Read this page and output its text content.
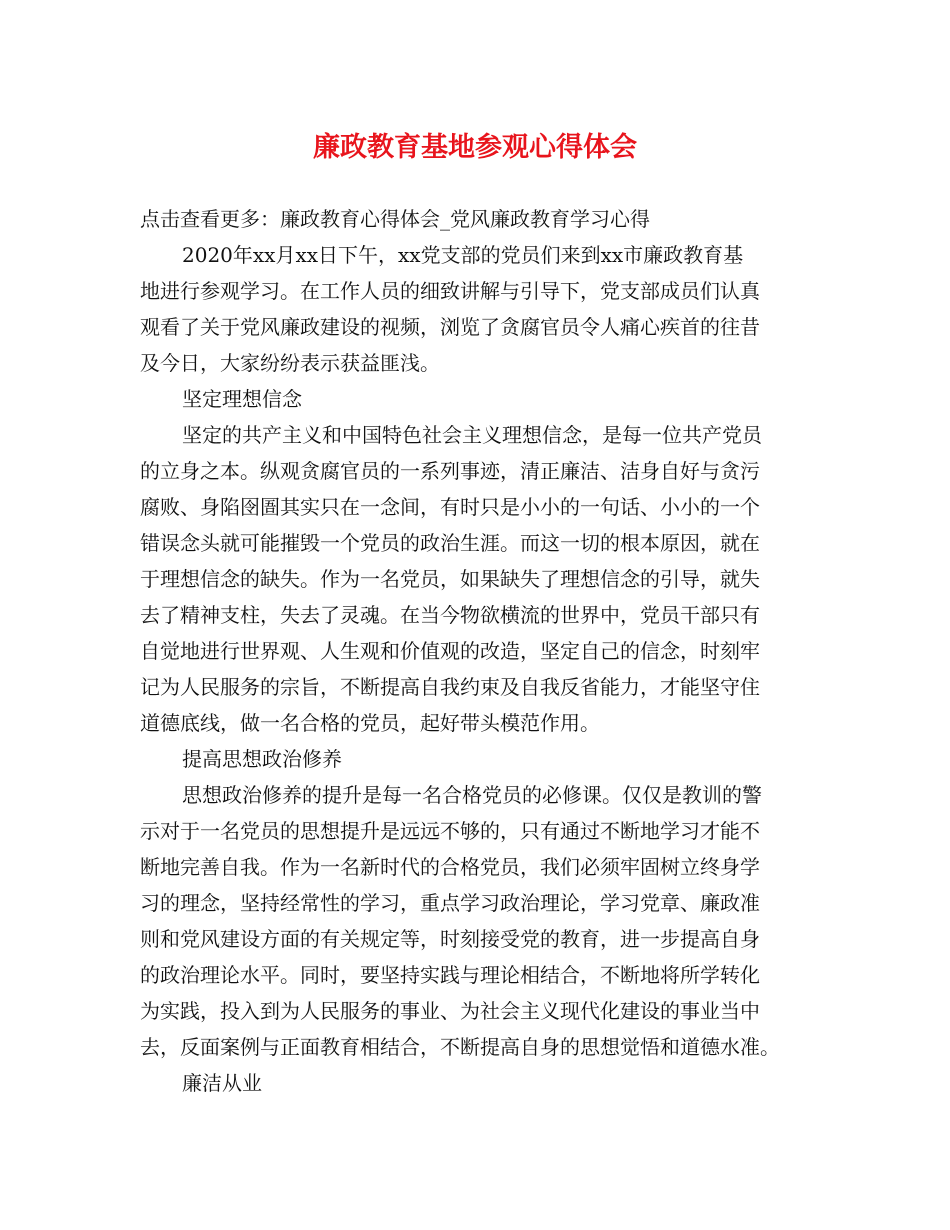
廉政教育基地参观心得体会
点击查看更多：廉政教育心得体会_党风廉政教育学习心得
2020年xx月xx日下午，xx党支部的党员们来到xx市廉政教育基
地进行参观学习。在工作人员的细致讲解与引导下，党支部成员们认真
观看了关于党风廉政建设的视频，浏览了贪腐官员令人痛心疾首的往昔
及今日，大家纷纷表示获益匪浅。
坚定理想信念
坚定的共产主义和中国特色社会主义理想信念，是每一位共产党员
的立身之本。纵观贪腐官员的一系列事迹，清正廉洁、洁身自好与贪污
腐败、身陷囹圄其实只在一念间，有时只是小小的一句话、小小的一个
错误念头就可能摧毁一个党员的政治生涯。而这一切的根本原因，就在
于理想信念的缺失。作为一名党员，如果缺失了理想信念的引导，就失
去了精神支柱，失去了灵魂。在当今物欲横流的世界中，党员干部只有
自觉地进行世界观、人生观和价值观的改造，坚定自己的信念，时刻牢
记为人民服务的宗旨，不断提高自我约束及自我反省能力，才能坚守住
道德底线，做一名合格的党员，起好带头模范作用。
提高思想政治修养
思想政治修养的提升是每一名合格党员的必修课。仅仅是教训的警
示对于一名党员的思想提升是远远不够的，只有通过不断地学习才能不
断地完善自我。作为一名新时代的合格党员，我们必须牢固树立终身学
习的理念，坚持经常性的学习，重点学习政治理论，学习党章、廉政准
则和党风建设方面的有关规定等，时刻接受党的教育，进一步提高自身
的政治理论水平。同时，要坚持实践与理论相结合，不断地将所学转化
为实践，投入到为人民服务的事业、为社会主义现代化建设的事业当中
去，反面案例与正面教育相结合，不断提高自身的思想觉悟和道德水准。
廉洁从业
